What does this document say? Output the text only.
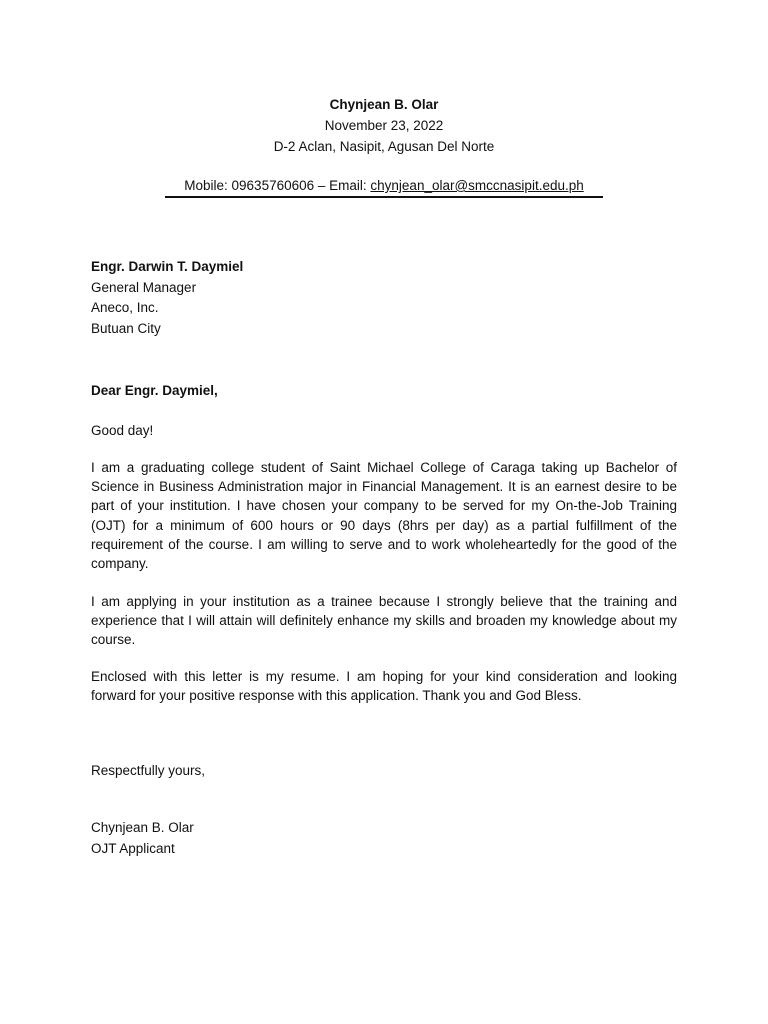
Chynjean B. Olar
November 23, 2022
D-2 Aclan, Nasipit, Agusan Del Norte
Mobile: 09635760606 – Email: chynjean_olar@smccnasipit.edu.ph
Engr. Darwin T. Daymiel
General Manager
Aneco, Inc.
Butuan City
Dear Engr. Daymiel,
Good day!

I am a graduating college student of Saint Michael College of Caraga taking up Bachelor of Science in Business Administration major in Financial Management. It is an earnest desire to be part of your institution. I have chosen your company to be served for my On-the-Job Training (OJT) for a minimum of 600 hours or 90 days (8hrs per day) as a partial fulfillment of the requirement of the course. I am willing to serve and to work wholeheartedly for the good of the company.

I am applying in your institution as a trainee because I strongly believe that the training and experience that I will attain will definitely enhance my skills and broaden my knowledge about my course.

Enclosed with this letter is my resume. I am hoping for your kind consideration and looking forward for your positive response with this application. Thank you and God Bless.

Respectfully yours,
Chynjean B. Olar
OJT Applicant
